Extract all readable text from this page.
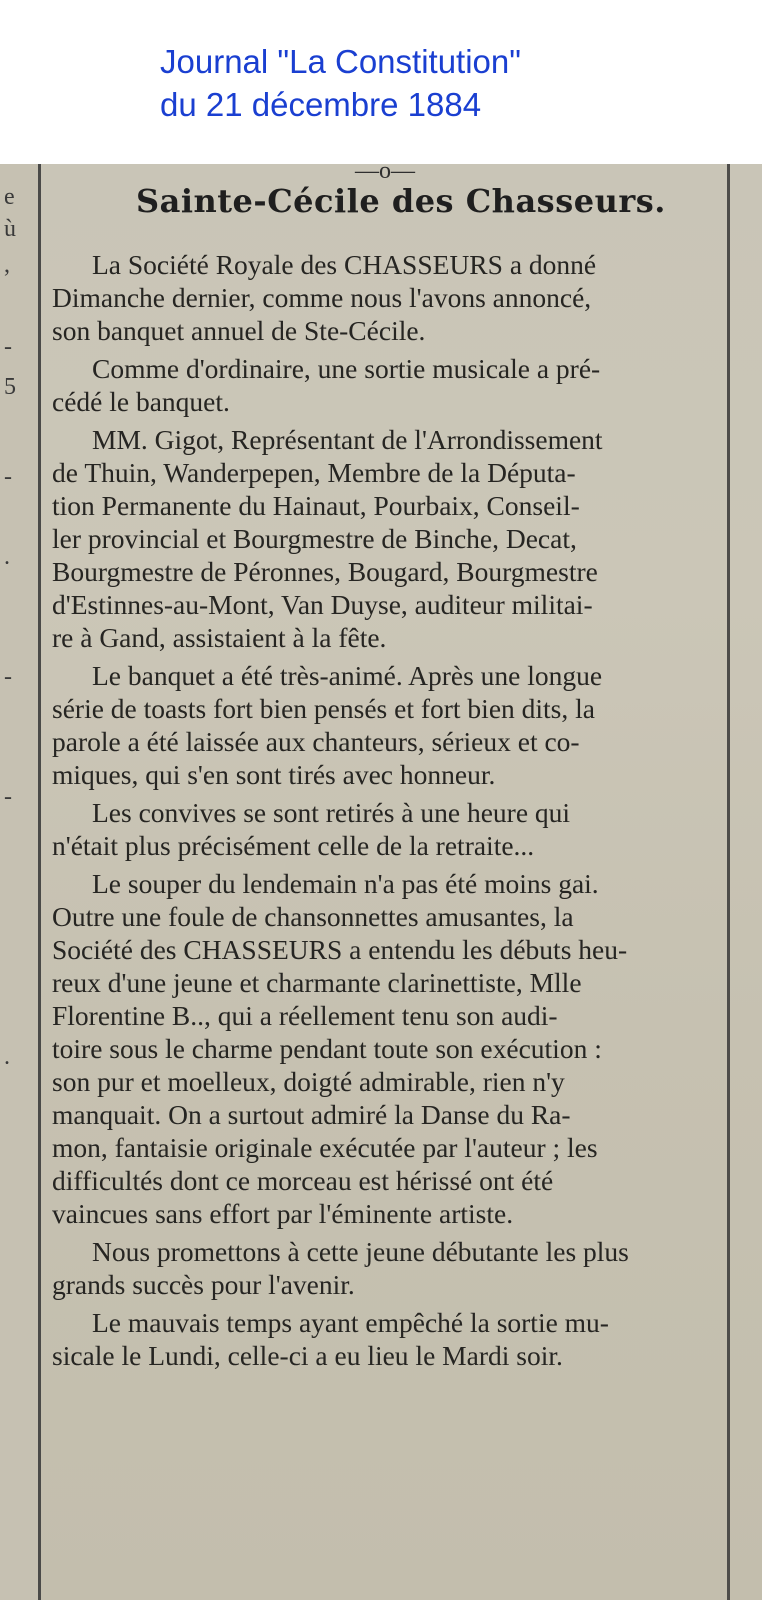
Journal "La Constitution"
du 21 décembre 1884
e
ù
,
-
5
-
.
-
-
.
—o—
Sainte-Cécile des Chasseurs.

La Société Royale des CHASSEURS a donné
Dimanche dernier, comme nous l'avons annoncé,
son banquet annuel de Ste-Cécile.

Comme d'ordinaire, une sortie musicale a pré-
cédé le banquet.

MM. Gigot, Représentant de l'Arrondissement
de Thuin, Wanderpepen, Membre de la Députa-
tion Permanente du Hainaut, Pourbaix, Conseil-
ler provincial et Bourgmestre de Binche, Decat,
Bourgmestre de Péronnes, Bougard, Bourgmestre
d'Estinnes-au-Mont, Van Duyse, auditeur militai-
re à Gand, assistaient à la fête.

Le banquet a été très-animé. Après une longue
série de toasts fort bien pensés et fort bien dits, la
parole a été laissée aux chanteurs, sérieux et co-
miques, qui s'en sont tirés avec honneur.

Les convives se sont retirés à une heure qui
n'était plus précisément celle de la retraite...

Le souper du lendemain n'a pas été moins gai.
Outre une foule de chansonnettes amusantes, la
Société des CHASSEURS a entendu les débuts heu-
reux d'une jeune et charmante clarinettiste, Mlle
Florentine B.., qui a réellement tenu son audi-
toire sous le charme pendant toute son exécution :
son pur et moelleux, doigté admirable, rien n'y
manquait. On a surtout admiré la Danse du Ra-
mon, fantaisie originale exécutée par l'auteur ; les
difficultés dont ce morceau est hérissé ont été
vaincues sans effort par l'éminente artiste.

Nous promettons à cette jeune débutante les plus
grands succès pour l'avenir.

Le mauvais temps ayant empêché la sortie mu-
sicale le Lundi, celle-ci a eu lieu le Mardi soir.
